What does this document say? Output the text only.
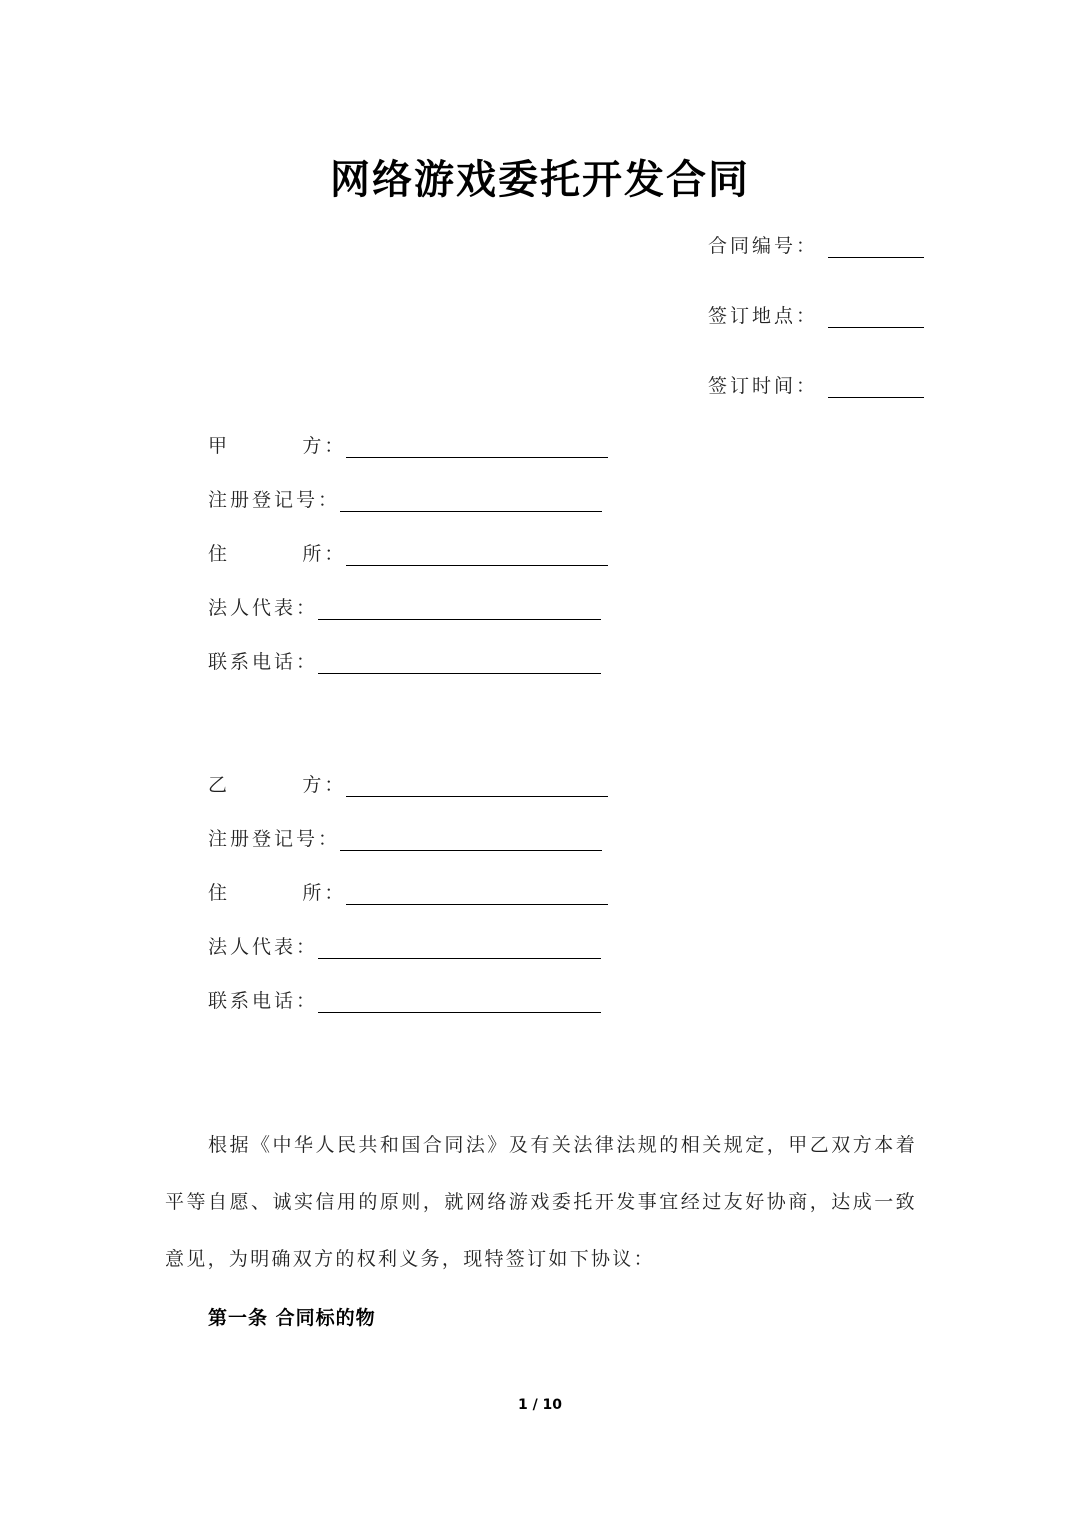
网络游戏委托开发合同
合同编号：
签订地点：
签订时间：
甲        方：
注册登记号：
住        所：
法人代表：
联系电话：
乙        方：
注册登记号：
住        所：
法人代表：
联系电话：
根据《中华人民共和国合同法》及有关法律法规的相关规定，甲乙双方本着平等自愿、诚实信用的原则，就网络游戏委托开发事宜经过友好协商，达成一致意见，为明确双方的权利义务，现特签订如下协议：
第一条 合同标的物
1 / 10
